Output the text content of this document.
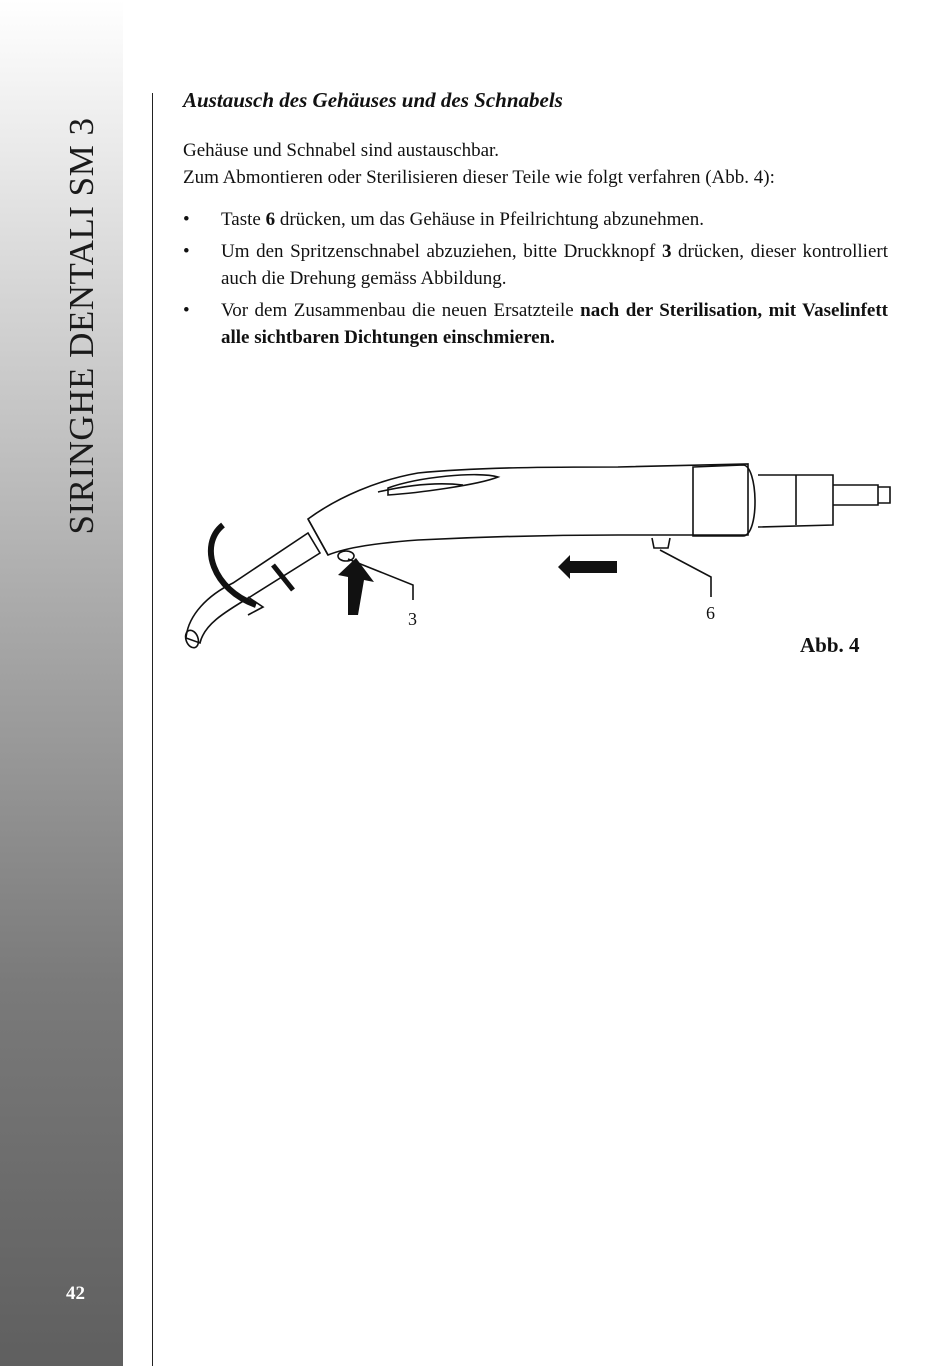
SIRINGHE DENTALI SM 3
42
Austausch des Gehäuses und des Schnabels
Gehäuse und Schnabel sind austauschbar.
Zum Abmontieren oder Sterilisieren dieser Teile wie folgt verfahren (Abb. 4):
• Taste 6 drücken, um das Gehäuse in Pfeilrichtung abzunehmen.
• Um den Spritzenschnabel abzuziehen, bitte Druckknopf 3 drücken, dieser kontrolliert auch die Drehung gemäss Abbildung.
• Vor dem Zusammenbau die neuen Ersatzteile nach der Sterilisation, mit Vaselinfett alle sichtbaren Dichtungen einschmieren.
3	6
Abb. 4
